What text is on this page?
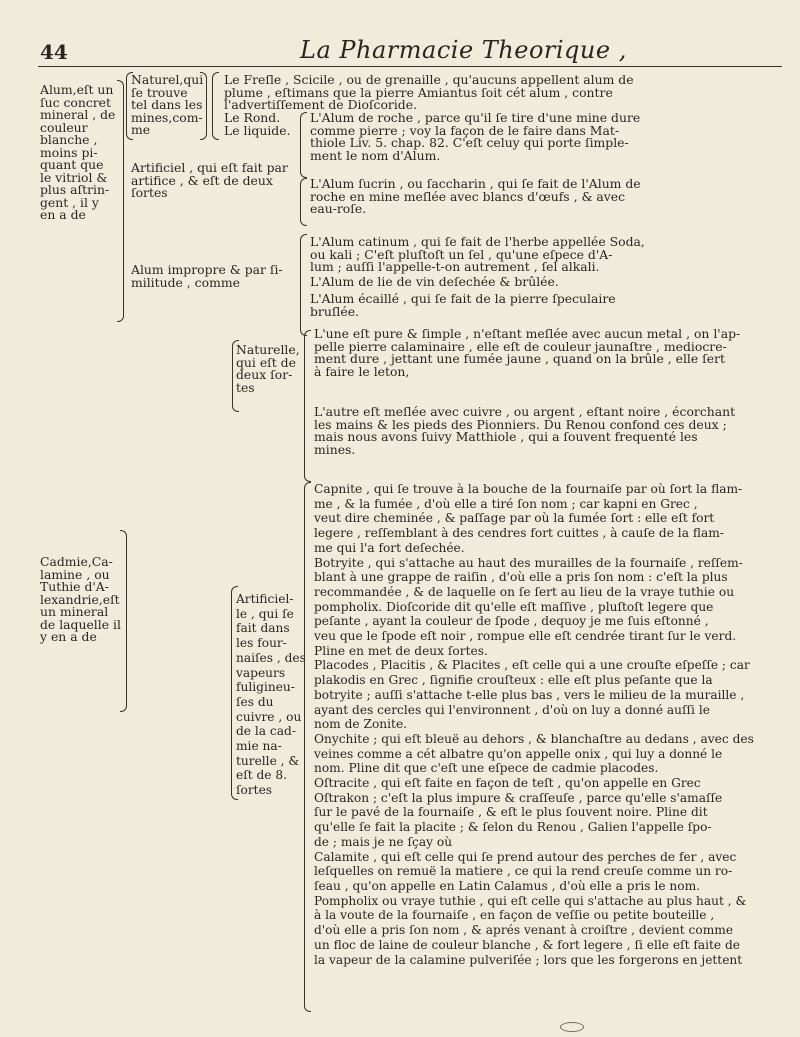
44	La Pharmacie Theorique ,

Alum,eſt un

ſuc concret

mineral , de

couleur

blanche ,

moins pi-

quant que

le vitriol &

plus aſtrin-

gent , il y

en a de

Naturel,qui

ſe trouve

tel dans les

mines,com-

me

Le Freſle , Scicile , ou de grenaille , qu'aucuns appellent alum de

plume , eſtimans que la pierre Amiantus ſoit cét alum , contre

l'advertiſſement de Dioſcoride.

Le Rond.

Le liquide.

L'Alum de roche , parce qu'il ſe tire d'une mine dure

comme pierre ; voy la façon de le faire dans Mat-

thiole Liv. 5. chap. 82. C'eſt celuy qui porte ſimple-

ment le nom d'Alum.

Artificiel , qui eſt fait par

artifice , & eſt de deux

ſortes

L'Alum ſucrin , ou ſaccharin , qui ſe fait de l'Alum de

roche en mine meſlée avec blancs d'œufs , & avec

eau-roſe.

L'Alum catinum , qui ſe fait de l'herbe appellée Soda,

ou kali ; C'eſt pluſtoſt un ſel , qu'une eſpece d'A-

lum ; auſſi l'appelle-t-on autrement , ſel alkali.

Alum impropre & par ſi-

militude , comme	L'Alum de lie de vin deſechée & brûlée.

L'Alum écaillé , qui ſe fait de la pierre ſpeculaire

bruſlée.

Cadmie,Ca-

lamine , ou

Tuthie d'A-

lexandrie,eſt

un mineral

de laquelle il

y en a de

Naturelle,

qui eſt de

deux ſor-

tes

L'une eſt pure & ſimple , n'eſtant meſlée avec aucun metal , on l'ap-

pelle pierre calaminaire , elle eſt de couleur jaunaſtre , mediocre-

ment dure , jettant une fumée jaune , quand on la brûle , elle ſert

à faire le leton,

L'autre eſt meſlée avec cuivre , ou argent , eſtant noire , écorchant

les mains & les pieds des Pionniers. Du Renou confond ces deux ;

mais nous avons ſuivy Matthiole , qui a ſouvent frequenté les

mines.

Artificiel-

le , qui ſe

fait dans

les four-

naiſes , des

vapeurs

fuligineu-

ſes du

cuivre , ou

de la cad-

mie na-

turelle , &

eſt de 8.

ſortes

Capnite , qui ſe trouve à la bouche de la fournaiſe par où ſort la flam-

me , & la fumée , d'où elle a tiré ſon nom ; car kapni en Grec ,

veut dire cheminée , & paſſage par où la fumée ſort : elle eſt fort

legere , reſſemblant à des cendres fort cuittes , à cauſe de la flam-

me qui l'a fort deſechée.

Botryite , qui s'attache au haut des murailles de la fournaiſe , reſſem-

blant à une grappe de raiſin , d'où elle a pris ſon nom : c'eſt la plus

recommandée , & de laquelle on ſe ſert au lieu de la vraye tuthie ou

pompholix. Dioſcoride dit qu'elle eſt maſſive , pluſtoſt legere que

peſante , ayant la couleur de ſpode , dequoy je me ſuis eſtonné ,

veu que le ſpode eſt noir , rompue elle eſt cendrée tirant ſur le verd.

Pline en met de deux ſortes.

Placodes , Placitis , & Placites , eſt celle qui a une crouſte eſpeſſe ; car

plakodis en Grec , ſignifie crouſteux : elle eſt plus peſante que la

botryite ; auſſi s'attache t-elle plus bas , vers le milieu de la muraille ,

ayant des cercles qui l'environnent , d'où on luy a donné auſſi le

nom de Zonite.

Onychite ; qui eſt bleuë au dehors , & blanchaſtre au dedans , avec des

veines comme a cét albatre qu'on appelle onix , qui luy a donné le

nom. Pline dit que c'eſt une eſpece de cadmie placodes.

Oſtracite , qui eſt faite en façon de teſt , qu'on appelle en Grec

Oſtrakon ; c'eſt la plus impure & craſſeuſe , parce qu'elle s'amaſſe

ſur le pavé de la fournaiſe , & eſt le plus ſouvent noire. Pline dit

qu'elle ſe fait la placite ; & ſelon du Renou , Galien l'appelle ſpo-

de ; mais je ne ſçay où

Calamite , qui eſt celle qui ſe prend autour des perches de fer , avec

leſquelles on remuë la matiere , ce qui la rend creuſe comme un ro-

ſeau , qu'on appelle en Latin Calamus , d'où elle a pris le nom.

Pompholix ou vraye tuthie , qui eſt celle qui s'attache au plus haut , &

à la voute de la fournaiſe , en façon de veſſie ou petite bouteille ,

d'où elle a pris ſon nom , & aprés venant à croiſtre , devient comme

un floc de laine de couleur blanche , & fort legere , ſi elle eſt faite de

la vapeur de la calamine pulveriſée ; lors que les forgerons en jettent
